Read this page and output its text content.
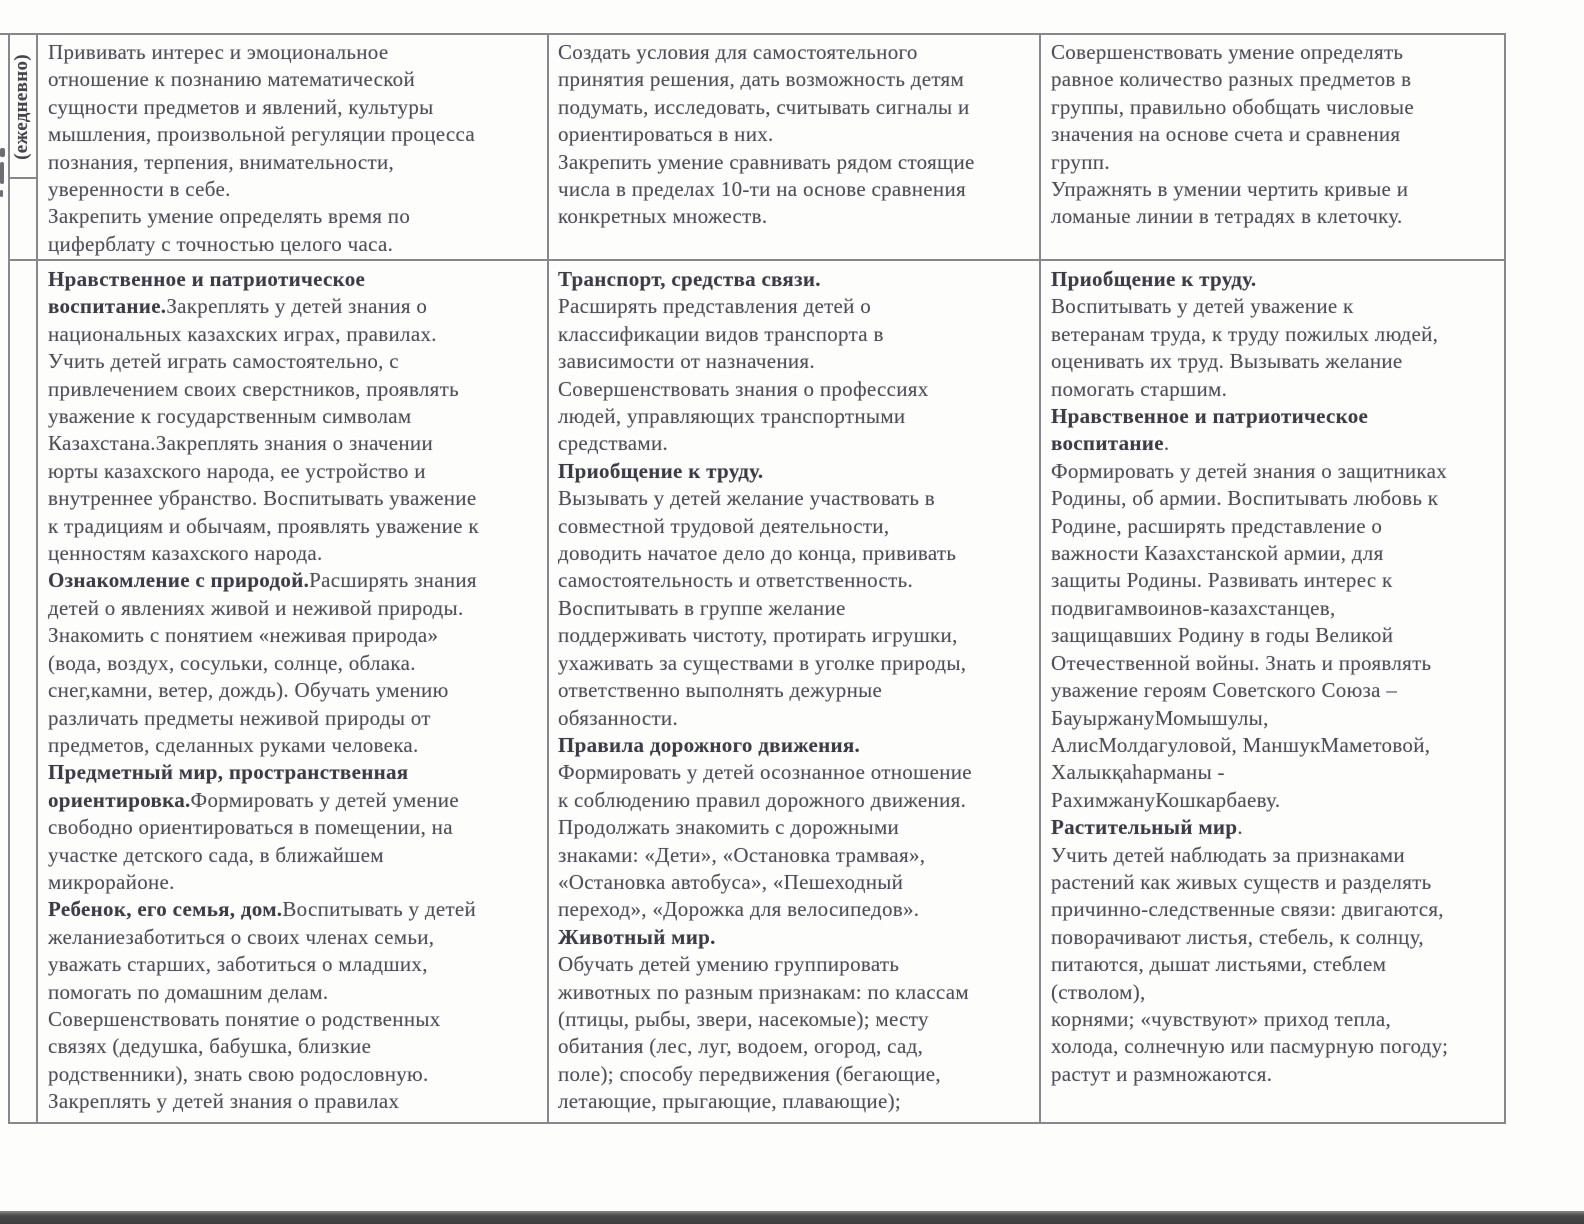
(ежедневно)
Прививать интерес и эмоциональное
отношение к познанию математической
сущности предметов и явлений, культуры
мышления, произвольной регуляции процесса
познания, терпения, внимательности,
уверенности в себе.
Закрепить умение определять время по
циферблату с точностью целого часа.
Создать условия для самостоятельного
принятия решения, дать возможность детям
подумать, исследовать, считывать сигналы и
ориентироваться в них.
Закрепить умение сравнивать рядом стоящие
числа в пределах 10-ти на основе сравнения
конкретных множеств.
Совершенствовать умение определять
равное количество разных предметов в
группы, правильно обобщать числовые
значения на основе счета и сравнения
групп.
Упражнять в умении чертить кривые и
ломаные линии в тетрадях в клеточку.
Нравственное и патриотическое
воспитание.Закреплять у детей знания о
национальных казахских играх, правилах.
Учить детей играть самостоятельно, с
привлечением своих сверстников, проявлять
уважение к государственным символам
Казахстана.Закреплять знания о значении
юрты казахского народа, ее устройство и
внутреннее убранство. Воспитывать уважение
к традициям и обычаям, проявлять уважение к
ценностям казахского народа.
Ознакомление с природой.Расширять знания
детей о явлениях живой и неживой природы.
Знакомить с понятием «неживая природа»
(вода, воздух, сосульки, солнце, облака.
снег,камни, ветер, дождь). Обучать умению
различать предметы неживой природы от
предметов, сделанных руками человека.
Предметный мир, пространственная
ориентировка.Формировать у детей умение
свободно ориентироваться в помещении, на
участке детского сада, в ближайшем
микрорайоне.
Ребенок, его семья, дом.Воспитывать у детей
желаниезаботиться о своих членах семьи,
уважать старших, заботиться о младших,
помогать по домашним делам.
Совершенствовать понятие о родственных
связях (дедушка, бабушка, близкие
родственники), знать свою родословную.
Закреплять у детей знания о правилах
Транспорт, средства связи.
Расширять представления детей о
классификации видов транспорта в
зависимости от назначения.
Совершенствовать знания о профессиях
людей, управляющих транспортными
средствами.
Приобщение к труду.
Вызывать у детей желание участвовать в
совместной трудовой деятельности,
доводить начатое дело до конца, прививать
самостоятельность и ответственность.
Воспитывать в группе желание
поддерживать чистоту, протирать игрушки,
ухаживать за существами в уголке природы,
ответственно выполнять дежурные
обязанности.
Правила дорожного движения.
Формировать у детей осознанное отношение
к соблюдению правил дорожного движения.
Продолжать знакомить с дорожными
знаками: «Дети», «Остановка трамвая»,
«Остановка автобуса», «Пешеходный
переход», «Дорожка для велосипедов».
Животный мир.
Обучать детей умению группировать
животных по разным признакам: по классам
(птицы, рыбы, звери, насекомые); месту
обитания (лес, луг, водоем, огород, сад,
поле); способу передвижения (бегающие,
летающие, прыгающие, плавающие);
Приобщение к труду.
Воспитывать у детей уважение к
ветеранам труда, к труду пожилых людей,
оценивать их труд. Вызывать желание
помогать старшим.
Нравственное и патриотическое
воспитание.
Формировать у детей знания о защитниках
Родины, об армии. Воспитывать любовь к
Родине, расширять представление о
важности Казахстанской армии, для
защиты Родины. Развивать интерес к
подвигамвоинов-казахстанцев,
защищавших Родину в годы Великой
Отечественной войны. Знать и проявлять
уважение героям Советского Союза –
БауыржануМомышулы,
АлисМолдагуловой, МаншукМаметовой,
Халыкқаһарманы -
РахимжануКошкарбаеву.
Растительный мир.
Учить детей наблюдать за признаками
растений как живых существ и разделять
причинно-следственные связи: двигаются,
поворачивают листья, стебель, к солнцу,
питаются, дышат листьями, стеблем
(стволом),
корнями; «чувствуют» приход тепла,
холода, солнечную или пасмурную погоду;
растут и размножаются.
